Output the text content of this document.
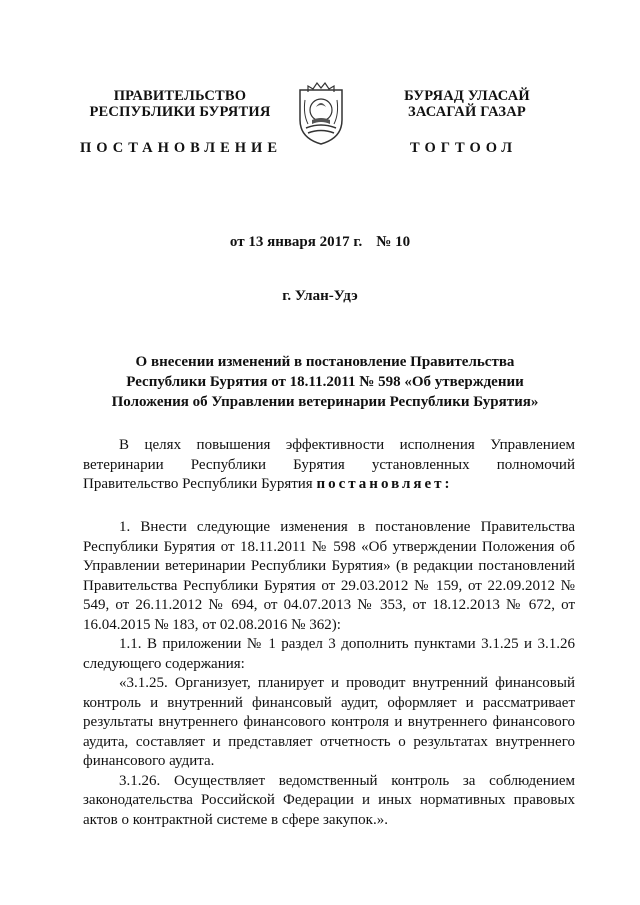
ПРАВИТЕЛЬСТВО
РЕСПУБЛИКИ БУРЯТИЯ
БУРЯАД УЛАСАЙ
ЗАСАГАЙ ГАЗАР
ПОСТАНОВЛЕНИЕ	ТОГТООЛ
от 13 января 2017 г. № 10
г. Улан-Удэ
О внесении изменений в постановление Правительства
Республики Бурятия от 18.11.2011 № 598 «Об утверждении
Положения об Управлении ветеринарии Республики Бурятия»

В целях повышения эффективности исполнения Управлением ветеринарии Республики Бурятия установленных полномочий Правительство Республики Бурятия постановляет:

1. Внести следующие изменения в постановление Правительства Республики Бурятия от 18.11.2011 № 598 «Об утверждении Положения об Управлении ветеринарии Республики Бурятия» (в редакции постановлений Правительства Республики Бурятия от 29.03.2012 № 159, от 22.09.2012 № 549, от 26.11.2012 № 694, от 04.07.2013 № 353, от 18.12.2013 № 672, от 16.04.2015 № 183, от 02.08.2016 № 362):

1.1. В приложении № 1 раздел 3 дополнить пунктами 3.1.25 и 3.1.26 следующего содержания:

«3.1.25. Организует, планирует и проводит внутренний финансовый контроль и внутренний финансовый аудит, оформляет и рассматривает результаты внутреннего финансового контроля и внутреннего финансового аудита, составляет и представляет отчетность о результатах внутреннего финансового аудита.

3.1.26. Осуществляет ведомственный контроль за соблюдением законодательства Российской Федерации и иных нормативных правовых актов о контрактной системе в сфере закупок.».
